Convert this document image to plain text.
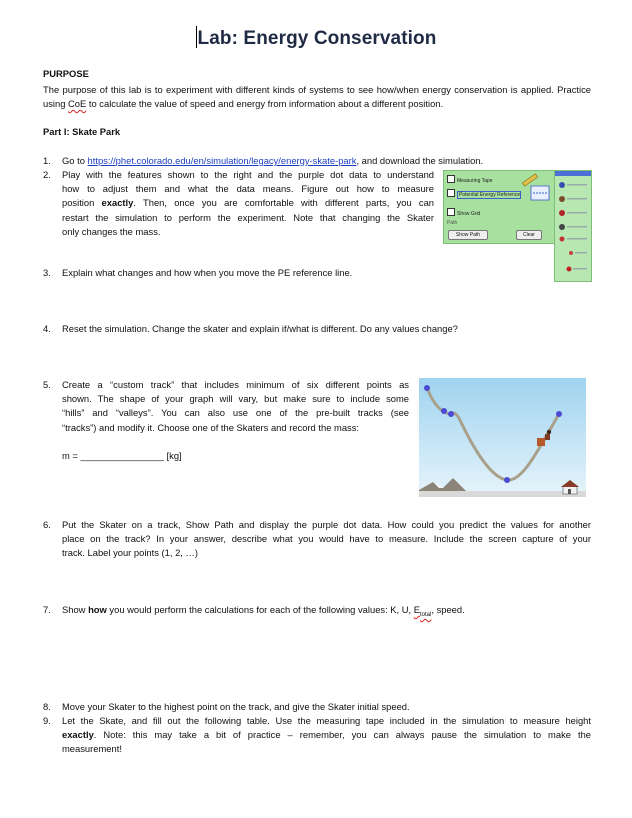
Lab: Energy Conservation
PURPOSE
The purpose of this lab is to experiment with different kinds of systems to see how/when energy conservation is applied. Practice using CoE to calculate the value of speed and energy from information about a different position.
Part I: Skate Park
1.	Go to https://phet.colorado.edu/en/simulation/legacy/energy-skate-park, and download the simulation.
2.	Play with the features shown to the right and the purple dot data to understand
how to adjust them and what the data means. Figure out how to measure
position exactly. Then, once you are comfortable with different parts, you can
restart the simulation to perform the experiment. Note that changing the Skater
only changes the mass.
Measuring Tape
Potential Energy Reference
Show Grid
Path
Show Path	Clear
3.	Explain what changes and how when you move the PE reference line.
4.	Reset the simulation. Change the skater and explain if/what is different. Do any values change?
5.	Create a “custom track” that includes minimum of six different points as
shown. The shape of your graph will vary, but make sure to include some
“hills” and “valleys”. You can also use one of the pre-built tracks (see
“tracks”) and modify it. Choose one of the Skaters and record the mass:
m = ________________ [kg]
6.	Put the Skater on a track, Show Path and display the purple dot data. How could you predict the values for another
place on the track? In your answer, describe what you would have to measure. Include the screen capture of your
track. Label your points (1, 2, …)
7.	Show how you would perform the calculations for each of the following values: K, U, $E_{total}$, speed.
8.	Move your Skater to the highest point on the track, and give the Skater initial speed.
9.	Let the Skate, and fill out the following table. Use the measuring tape included in the simulation to measure height
exactly. Note: this may take a bit of practice – remember, you can always pause the simulation to make the
measurement!
